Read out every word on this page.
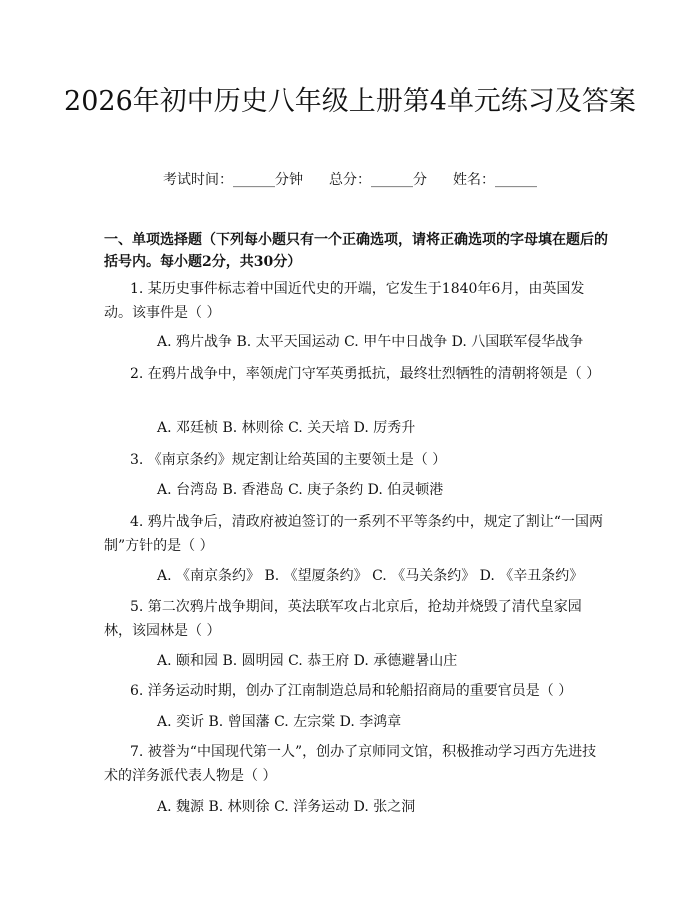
2026年初中历史八年级上册第4单元练习及答案
考试时间：______分钟 总分：______分 姓名：______
一、单项选择题（下列每小题只有一个正确选项，请将正确选项的字母填在题后的括号内。每小题2分，共30分）
1. 某历史事件标志着中国近代史的开端，它发生于1840年6月，由英国发动。该事件是（ ）
A. 鸦片战争 B. 太平天国运动 C. 甲午中日战争 D. 八国联军侵华战争
2. 在鸦片战争中，率领虎门守军英勇抵抗，最终壮烈牺牲的清朝将领是（ ）
A. 邓廷桢 B. 林则徐 C. 关天培 D. 厉秀升
3. 《南京条约》规定割让给英国的主要领土是（ ）
A. 台湾岛 B. 香港岛 C. 庚子条约 D. 伯灵顿港
4. 鸦片战争后，清政府被迫签订的一系列不平等条约中，规定了割让“一国两制”方针的是（ ）
A. 《南京条约》 B. 《望厦条约》 C. 《马关条约》 D. 《辛丑条约》
5. 第二次鸦片战争期间，英法联军攻占北京后，抢劫并烧毁了清代皇家园林，该园林是（ ）
A. 颐和园 B. 圆明园 C. 恭王府 D. 承德避暑山庄
6. 洋务运动时期，创办了江南制造总局和轮船招商局的重要官员是（ ）
A. 奕䜣 B. 曾国藩 C. 左宗棠 D. 李鸿章
7. 被誉为“中国现代第一人”，创办了京师同文馆，积极推动学习西方先进技术的洋务派代表人物是（ ）
A. 魏源 B. 林则徐 C. 洋务运动 D. 张之洞
